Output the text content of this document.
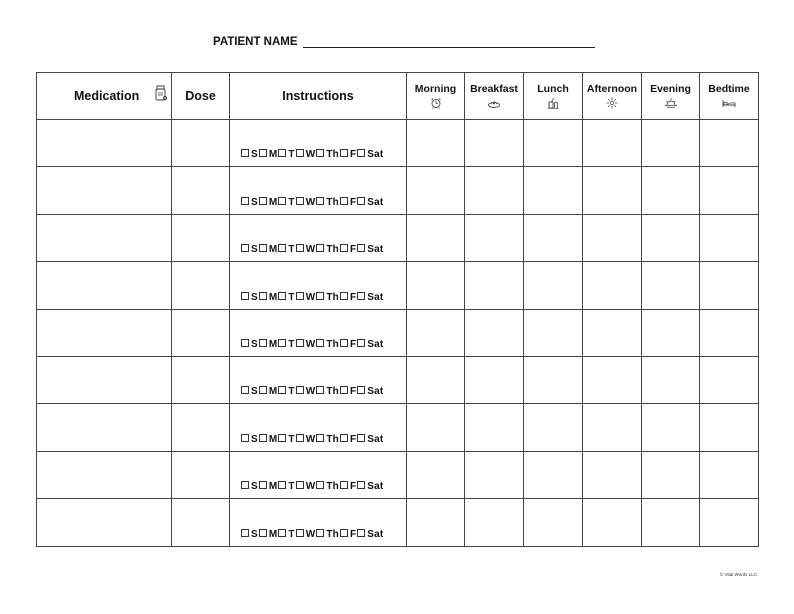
PATIENT NAME
Medication	Dose	Instructions	Morning	Breakfast	Lunch	Afternoon	Evening	Bedtime

		S M T W Th F Sat						

		S M T W Th F Sat						

		S M T W Th F Sat						

		S M T W Th F Sat						

		S M T W Th F Sat						

		S M T W Th F Sat						

		S M T W Th F Sat						

		S M T W Th F Sat						

		S M T W Th F Sat						

© Vital Words LLC
